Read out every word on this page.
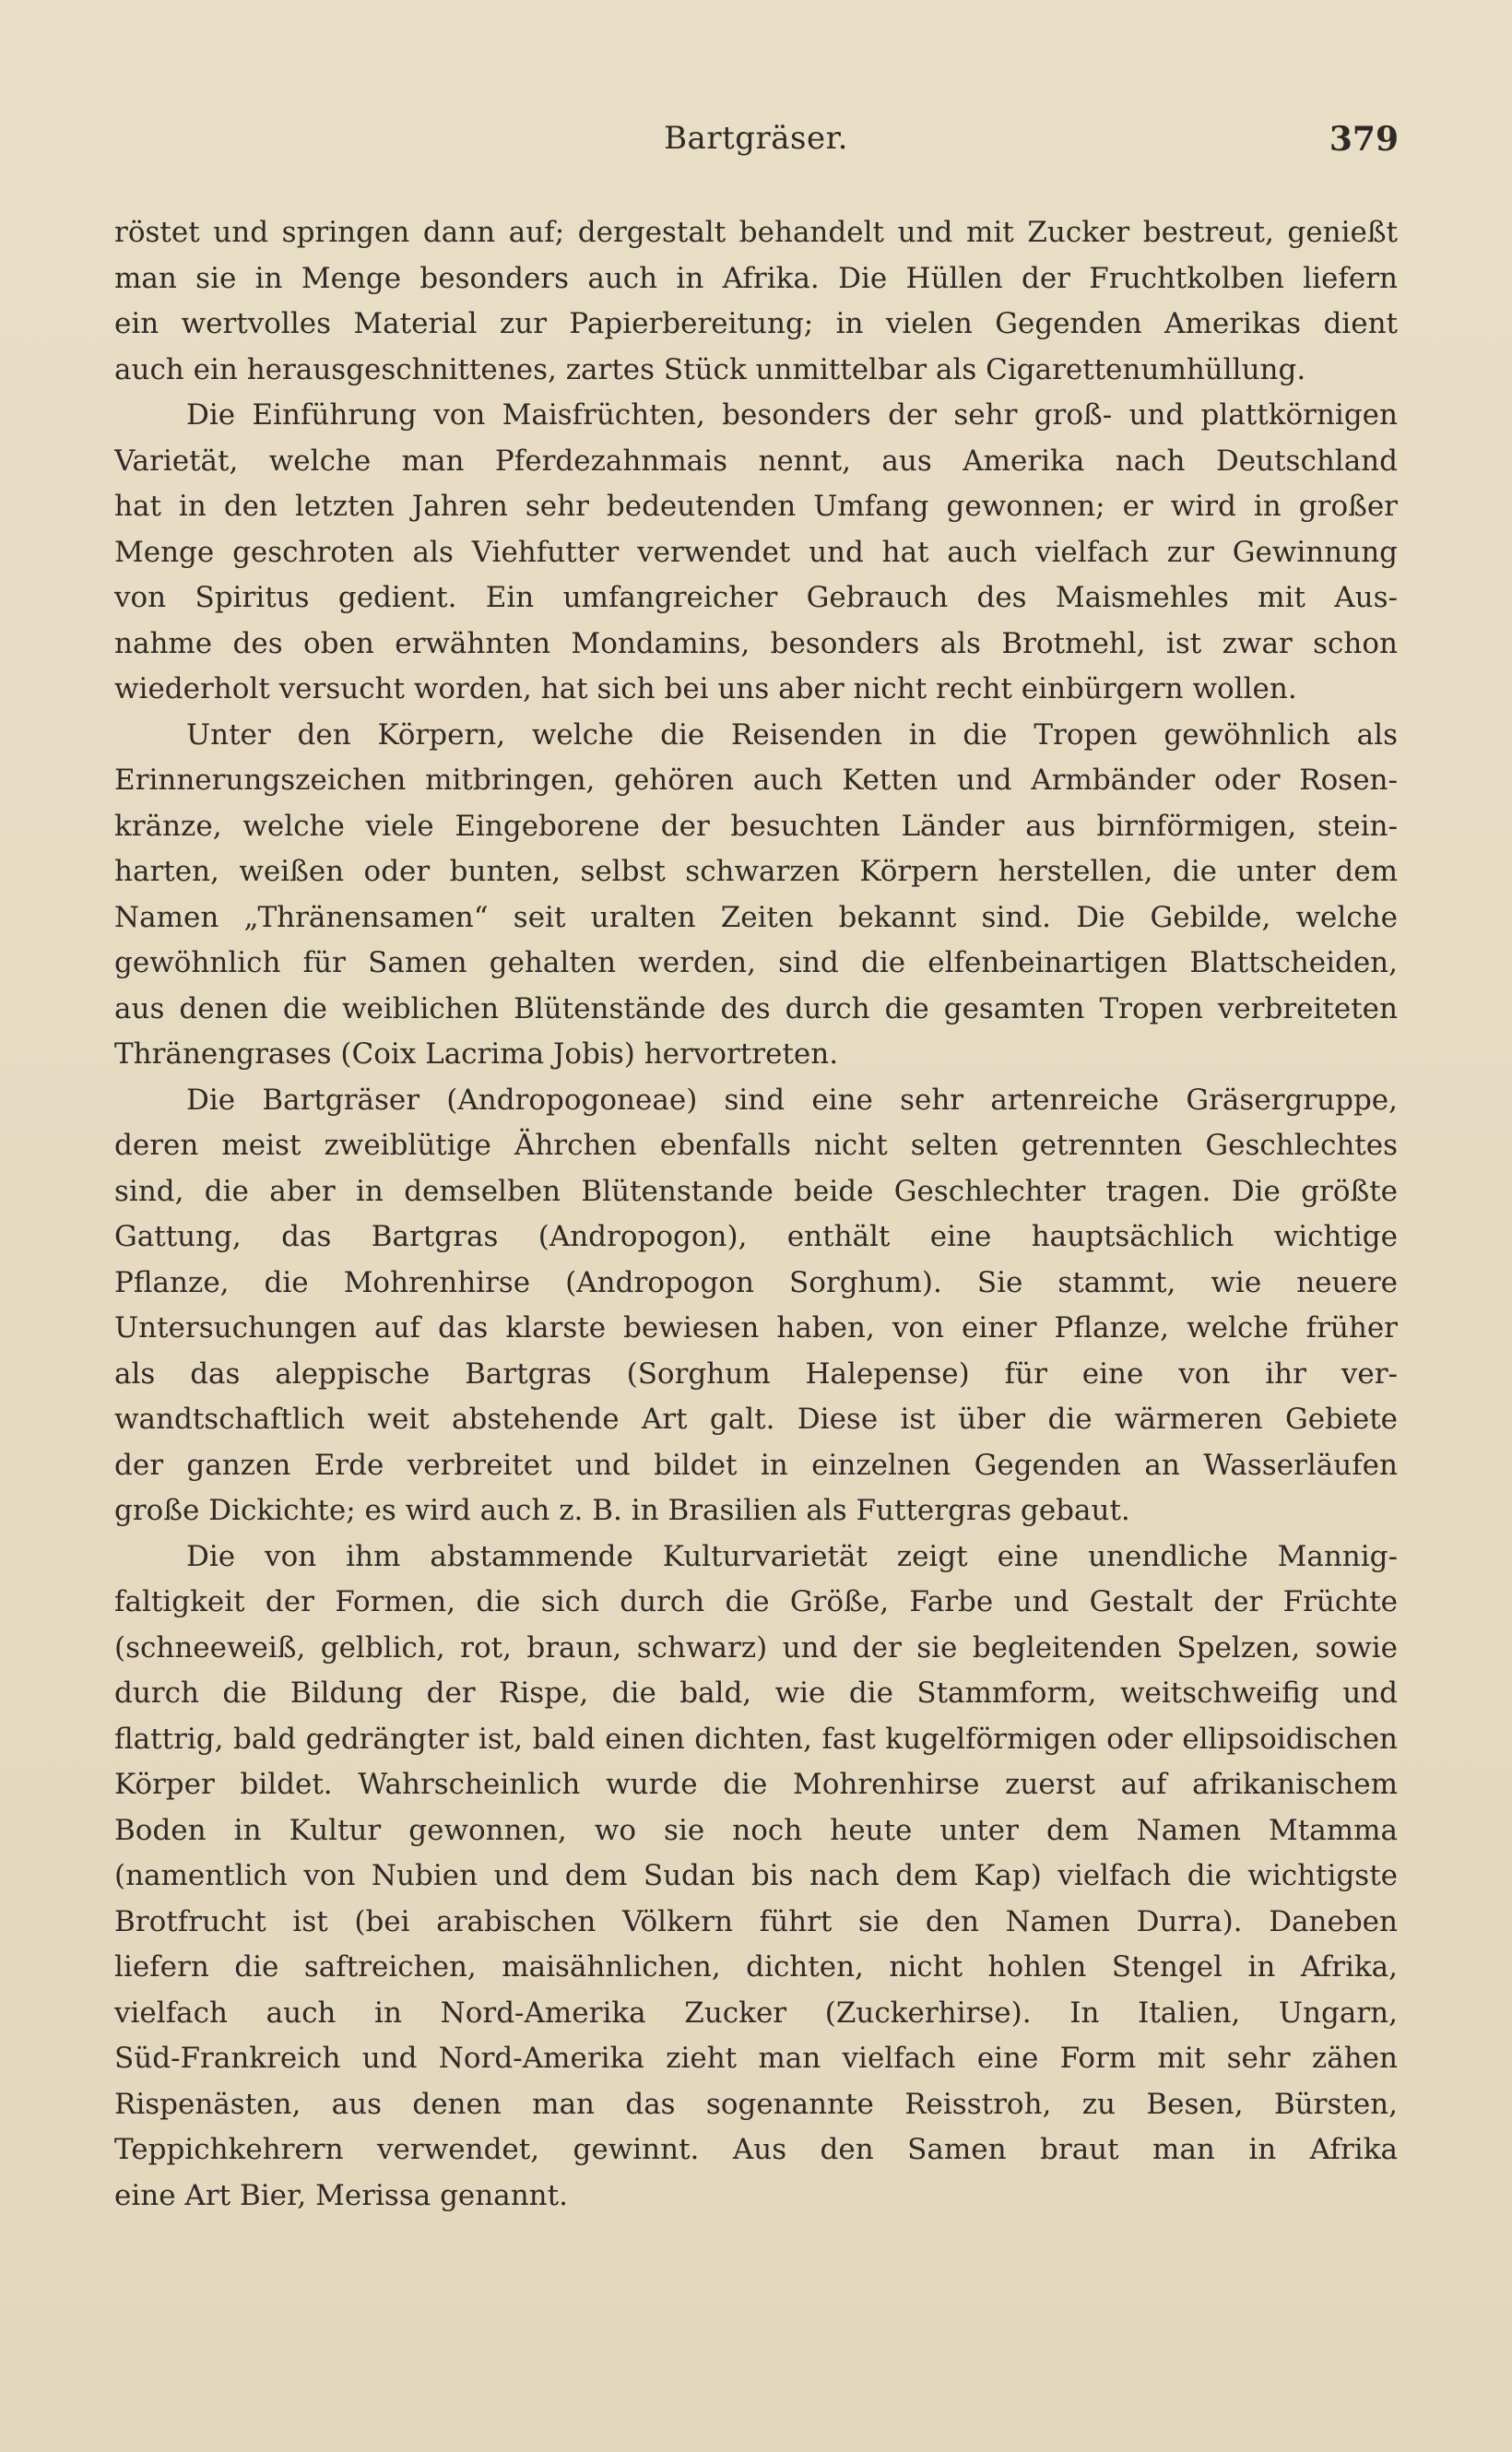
Bartgräser.	379
röstet und springen dann auf; dergestalt behandelt und mit Zucker bestreut, genießt
man sie in Menge besonders auch in Afrika. Die Hüllen der Fruchtkolben liefern
ein wertvolles Material zur Papierbereitung; in vielen Gegenden Amerikas dient
auch ein herausgeschnittenes, zartes Stück unmittelbar als Cigarettenumhüllung.
Die Einführung von Maisfrüchten, besonders der sehr groß- und plattkörnigen
Varietät, welche man Pferdezahnmais nennt, aus Amerika nach Deutschland
hat in den letzten Jahren sehr bedeutenden Umfang gewonnen; er wird in großer
Menge geschroten als Viehfutter verwendet und hat auch vielfach zur Gewinnung
von Spiritus gedient. Ein umfangreicher Gebrauch des Maismehles mit Aus-
nahme des oben erwähnten Mondamins, besonders als Brotmehl, ist zwar schon
wiederholt versucht worden, hat sich bei uns aber nicht recht einbürgern wollen.
Unter den Körpern, welche die Reisenden in die Tropen gewöhnlich als
Erinnerungszeichen mitbringen, gehören auch Ketten und Armbänder oder Rosen-
kränze, welche viele Eingeborene der besuchten Länder aus birnförmigen, stein-
harten, weißen oder bunten, selbst schwarzen Körpern herstellen, die unter dem
Namen „Thränensamen“ seit uralten Zeiten bekannt sind. Die Gebilde, welche
gewöhnlich für Samen gehalten werden, sind die elfenbeinartigen Blattscheiden,
aus denen die weiblichen Blütenstände des durch die gesamten Tropen verbreiteten
Thränengrases (Coix Lacrima Jobis) hervortreten.
Die Bartgräser (Andropogoneae) sind eine sehr artenreiche Gräsergruppe,
deren meist zweiblütige Ährchen ebenfalls nicht selten getrennten Geschlechtes
sind, die aber in demselben Blütenstande beide Geschlechter tragen. Die größte
Gattung, das Bartgras (Andropogon), enthält eine hauptsächlich wichtige
Pflanze, die Mohrenhirse (Andropogon Sorghum). Sie stammt, wie neuere
Untersuchungen auf das klarste bewiesen haben, von einer Pflanze, welche früher
als das aleppische Bartgras (Sorghum Halepense) für eine von ihr ver-
wandtschaftlich weit abstehende Art galt. Diese ist über die wärmeren Gebiete
der ganzen Erde verbreitet und bildet in einzelnen Gegenden an Wasserläufen
große Dickichte; es wird auch z. B. in Brasilien als Futtergras gebaut.
Die von ihm abstammende Kulturvarietät zeigt eine unendliche Mannig-
faltigkeit der Formen, die sich durch die Größe, Farbe und Gestalt der Früchte
(schneeweiß, gelblich, rot, braun, schwarz) und der sie begleitenden Spelzen, sowie
durch die Bildung der Rispe, die bald, wie die Stammform, weitschweifig und
flattrig, bald gedrängter ist, bald einen dichten, fast kugelförmigen oder ellipsoidischen
Körper bildet. Wahrscheinlich wurde die Mohrenhirse zuerst auf afrikanischem
Boden in Kultur gewonnen, wo sie noch heute unter dem Namen Mtamma
(namentlich von Nubien und dem Sudan bis nach dem Kap) vielfach die wichtigste
Brotfrucht ist (bei arabischen Völkern führt sie den Namen Durra). Daneben
liefern die saftreichen, maisähnlichen, dichten, nicht hohlen Stengel in Afrika,
vielfach auch in Nord-Amerika Zucker (Zuckerhirse). In Italien, Ungarn,
Süd-Frankreich und Nord-Amerika zieht man vielfach eine Form mit sehr zähen
Rispenästen, aus denen man das sogenannte Reisstroh, zu Besen, Bürsten,
Teppichkehrern verwendet, gewinnt. Aus den Samen braut man in Afrika
eine Art Bier, Merissa genannt.
